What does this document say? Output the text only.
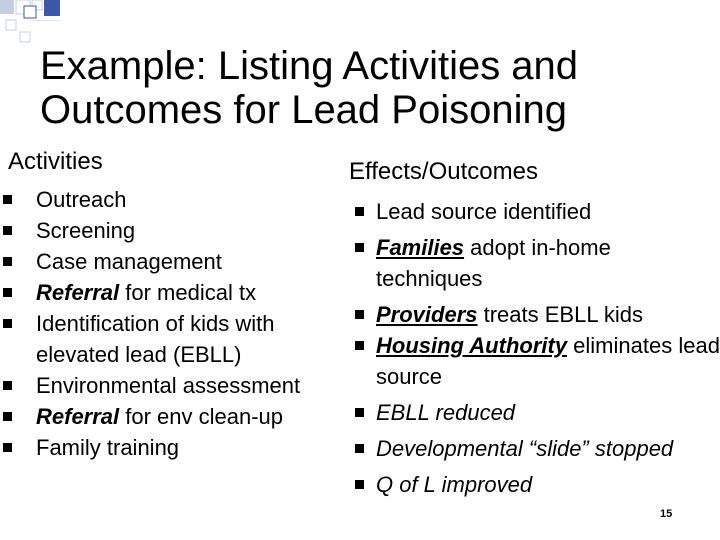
Example: Listing Activities and
Outcomes for Lead Poisoning
Activities	Effects/Outcomes
Outreach
Screening
Case management
Referral for medical tx
Identification of kids with elevated lead (EBLL)
Environmental assessment
Referral for env clean-up
Family training
Lead source identified
Families adopt in-home techniques
Providers treats EBLL kids
Housing Authority eliminates lead source
EBLL reduced
Developmental “slide” stopped
Q of L improved
15
